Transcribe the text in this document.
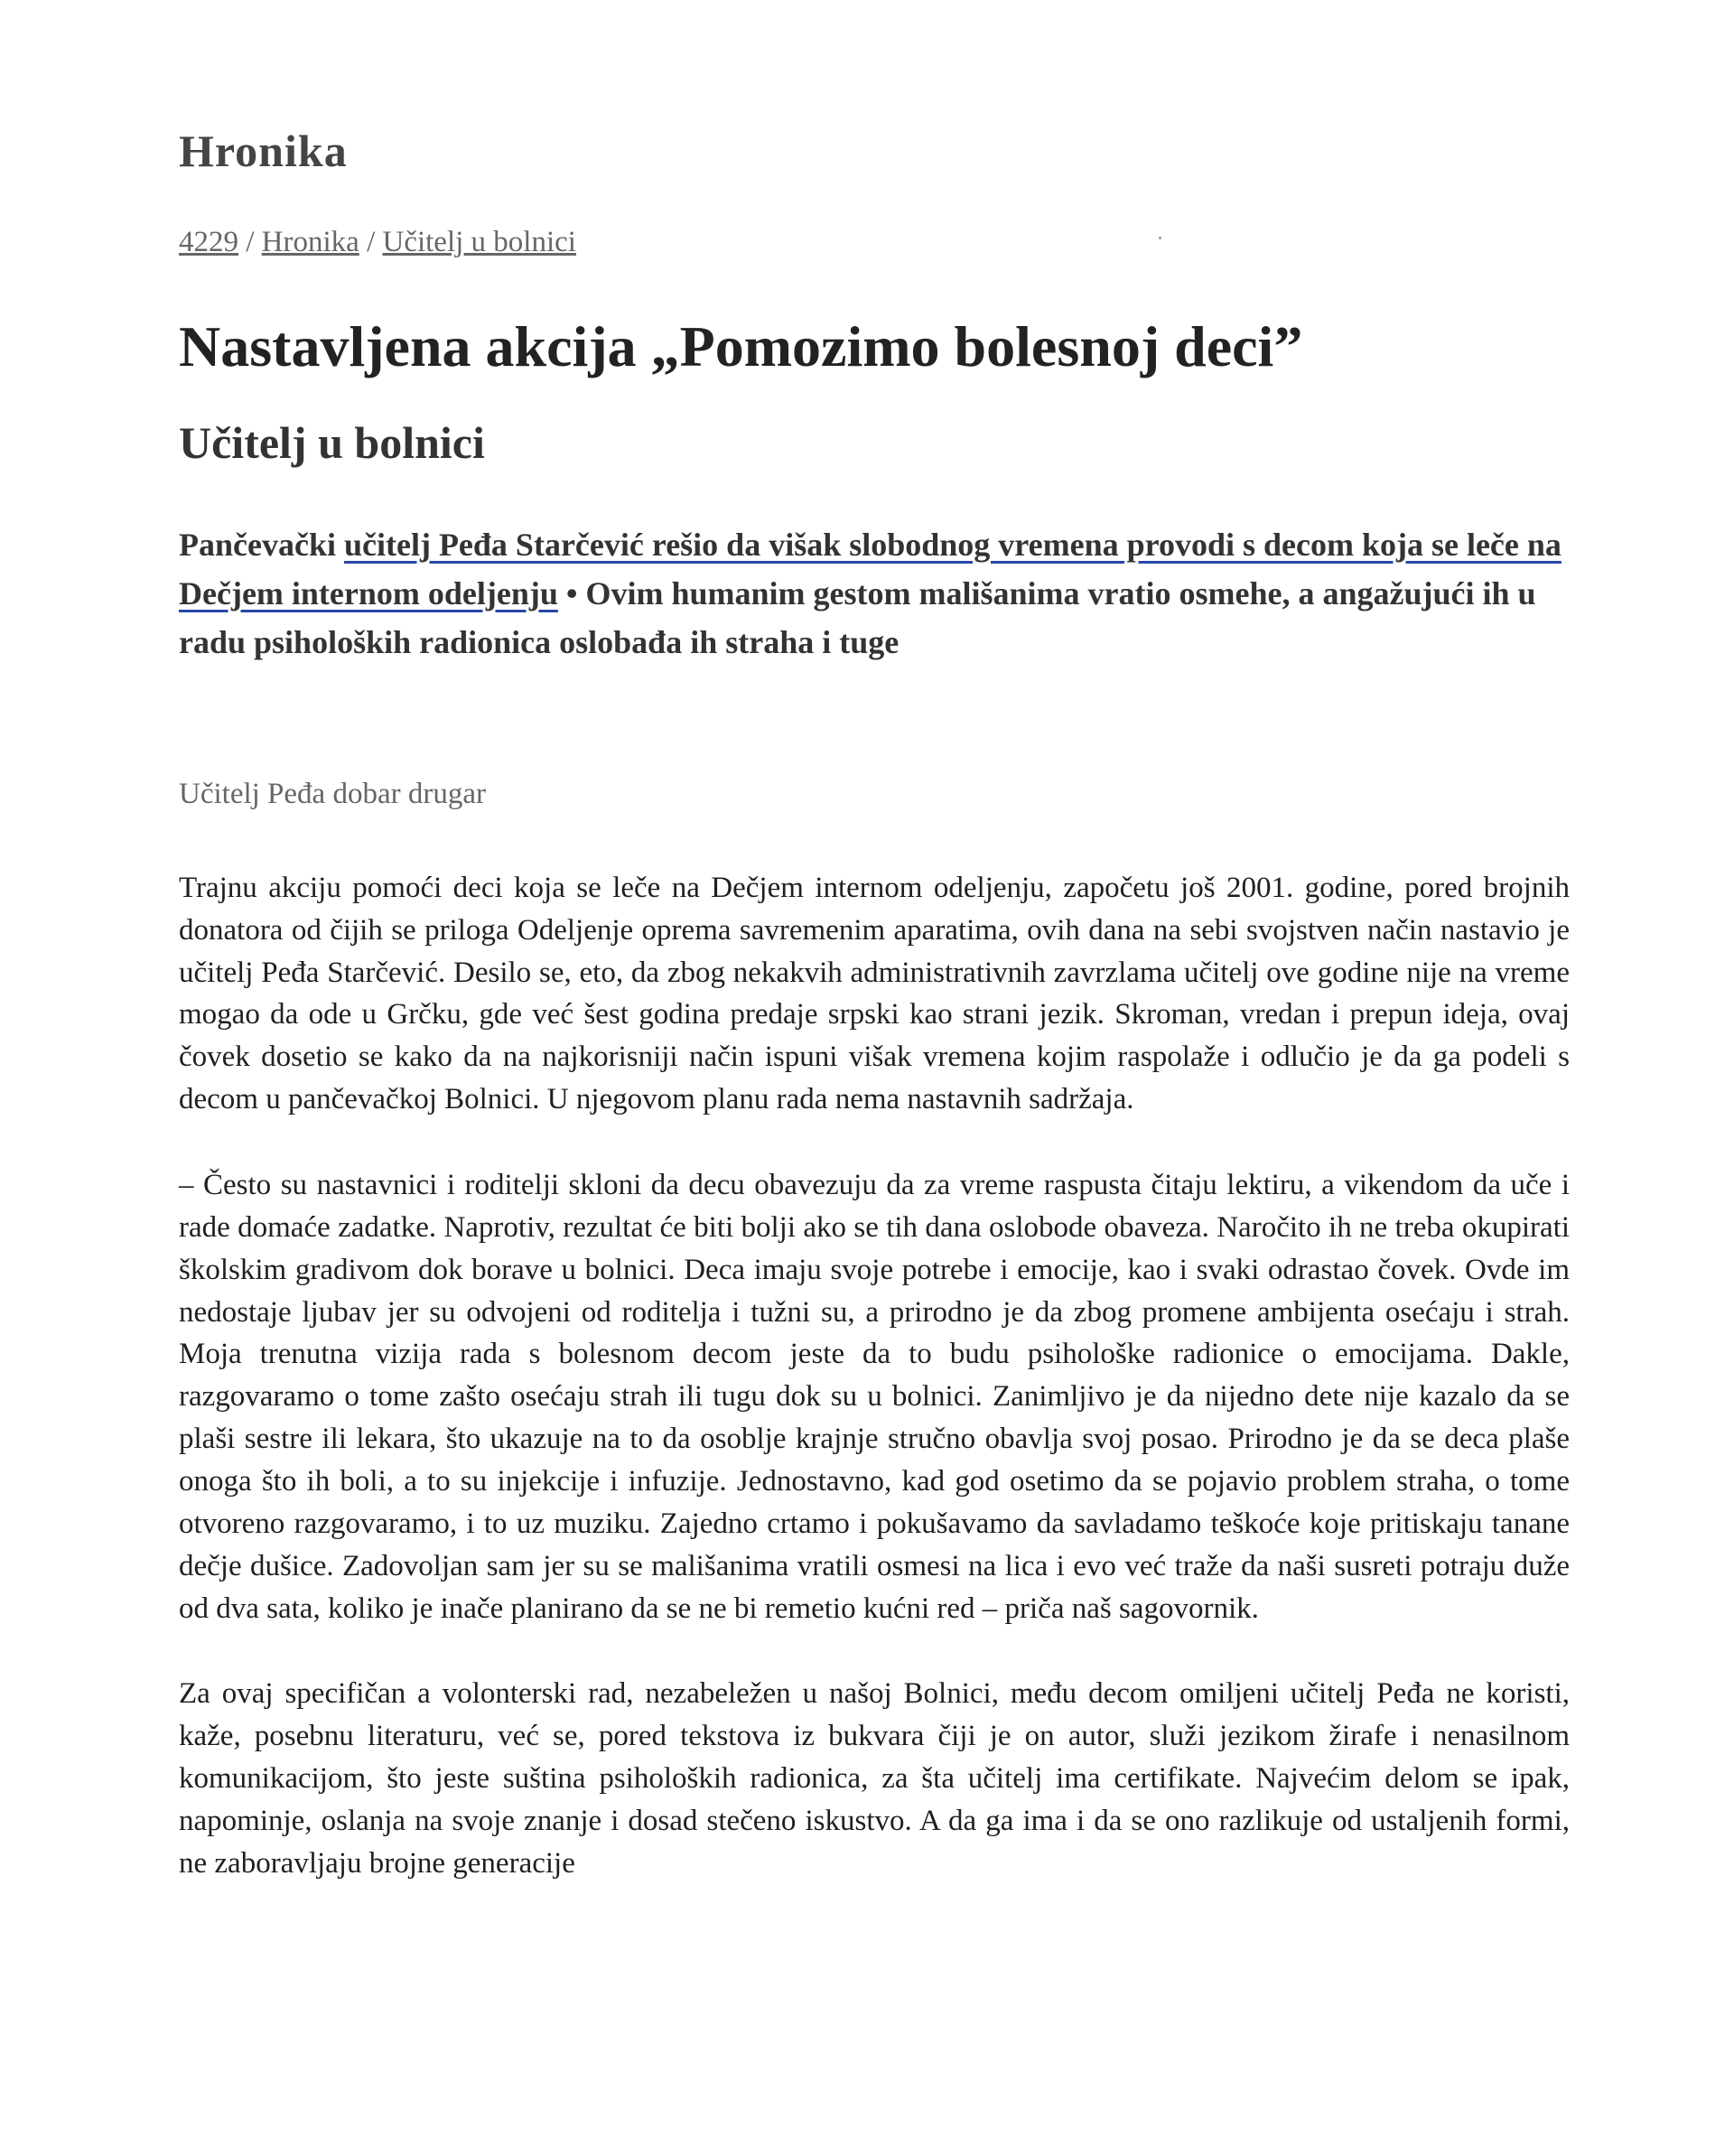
Hronika
4229 / Hronika / Učitelj u bolnici
Nastavljena akcija „Pomozimo bolesnoj deci”
Učitelj u bolnici

Pančevački učitelj Peđa Starčević rešio da višak slobodnog vremena provodi s decom koja se leče na Dečjem internom odeljenju • Ovim humanim gestom mališanima vratio osmehe, a angažujući ih u radu psiholoških radionica oslobađa ih straha i tuge

Učitelj Peđa dobar drugar

Trajnu akciju pomoći deci koja se leče na Dečjem internom odeljenju, započetu još 2001. godine, pored brojnih donatora od čijih se priloga Odeljenje oprema savremenim aparatima, ovih dana na sebi svojstven način nastavio je učitelj Peđa Starčević. Desilo se, eto, da zbog nekakvih administrativnih zavrzlama učitelj ove godine nije na vreme mogao da ode u Grčku, gde već šest godina predaje srpski kao strani jezik. Skroman, vredan i prepun ideja, ovaj čovek dosetio se kako da na najkorisniji način ispuni višak vremena kojim raspolaže i odlučio je da ga podeli s decom u pančevačkoj Bolnici. U njegovom planu rada nema nastavnih sadržaja.

– Često su nastavnici i roditelji skloni da decu obavezuju da za vreme raspusta čitaju lektiru, a vikendom da uče i rade domaće zadatke. Naprotiv, rezultat će biti bolji ako se tih dana oslobode obaveza. Naročito ih ne treba okupirati školskim gradivom dok borave u bolnici. Deca imaju svoje potrebe i emocije, kao i svaki odrastao čovek. Ovde im nedostaje ljubav jer su odvojeni od roditelja i tužni su, a prirodno je da zbog promene ambijenta osećaju i strah. Moja trenutna vizija rada s bolesnom decom jeste da to budu psihološke radionice o emocijama. Dakle, razgovaramo o tome zašto osećaju strah ili tugu dok su u bolnici. Zanimljivo je da nijedno dete nije kazalo da se plaši sestre ili lekara, što ukazuje na to da osoblje krajnje stručno obavlja svoj posao. Prirodno je da se deca plaše onoga što ih boli, a to su injekcije i infuzije. Jednostavno, kad god osetimo da se pojavio problem straha, o tome otvoreno razgovaramo, i to uz muziku. Zajedno crtamo i pokušavamo da savladamo teškoće koje pritiskaju tanane dečje dušice. Zadovoljan sam jer su se mališanima vratili osmesi na lica i evo već traže da naši susreti potraju duže od dva sata, koliko je inače planirano da se ne bi remetio kućni red – priča naš sagovornik.

Za ovaj specifičan a volonterski rad, nezabeležen u našoj Bolnici, među decom omiljeni učitelj Peđa ne koristi, kaže, posebnu literaturu, već se, pored tekstova iz bukvara čiji je on autor, služi jezikom žirafe i nenasilnom komunikacijom, što jeste suština psiholoških radionica, za šta učitelj ima certifikate. Najvećim delom se ipak, napominje, oslanja na svoje znanje i dosad stečeno iskustvo. A da ga ima i da se ono razlikuje od ustaljenih formi, ne zaboravljaju brojne generacije
